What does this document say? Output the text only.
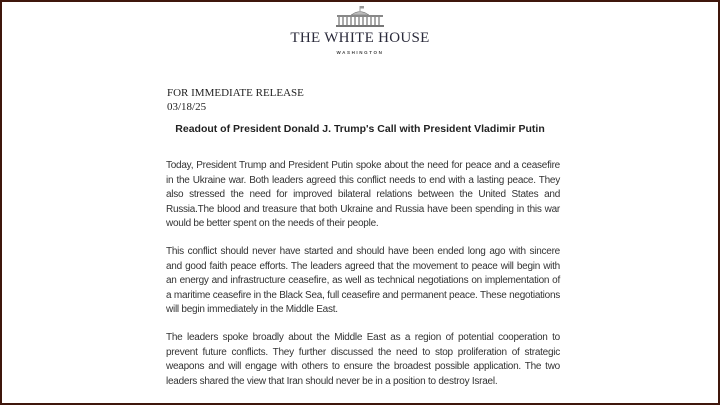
THE WHITE HOUSE
WASHINGTON
FOR IMMEDIATE RELEASE
03/18/25
Readout of President Donald J. Trump's Call with President Vladimir Putin

Today, President Trump and President Putin spoke about the need for peace and a ceasefire in the Ukraine war. Both leaders agreed this conflict needs to end with a lasting peace. They also stressed the need for improved bilateral relations between the United States and Russia.The blood and treasure that both Ukraine and Russia have been spending in this war would be better spent on the needs of their people.

This conflict should never have started and should have been ended long ago with sincere and good faith peace efforts. The leaders agreed that the movement to peace will begin with an energy and infrastructure ceasefire, as well as technical negotiations on implementation of a maritime ceasefire in the Black Sea, full ceasefire and permanent peace. These negotiations will begin immediately in the Middle East.

The leaders spoke broadly about the Middle East as a region of potential cooperation to prevent future conflicts. They further discussed the need to stop proliferation of strategic weapons and will engage with others to ensure the broadest possible application. The two leaders shared the view that Iran should never be in a position to destroy Israel.
